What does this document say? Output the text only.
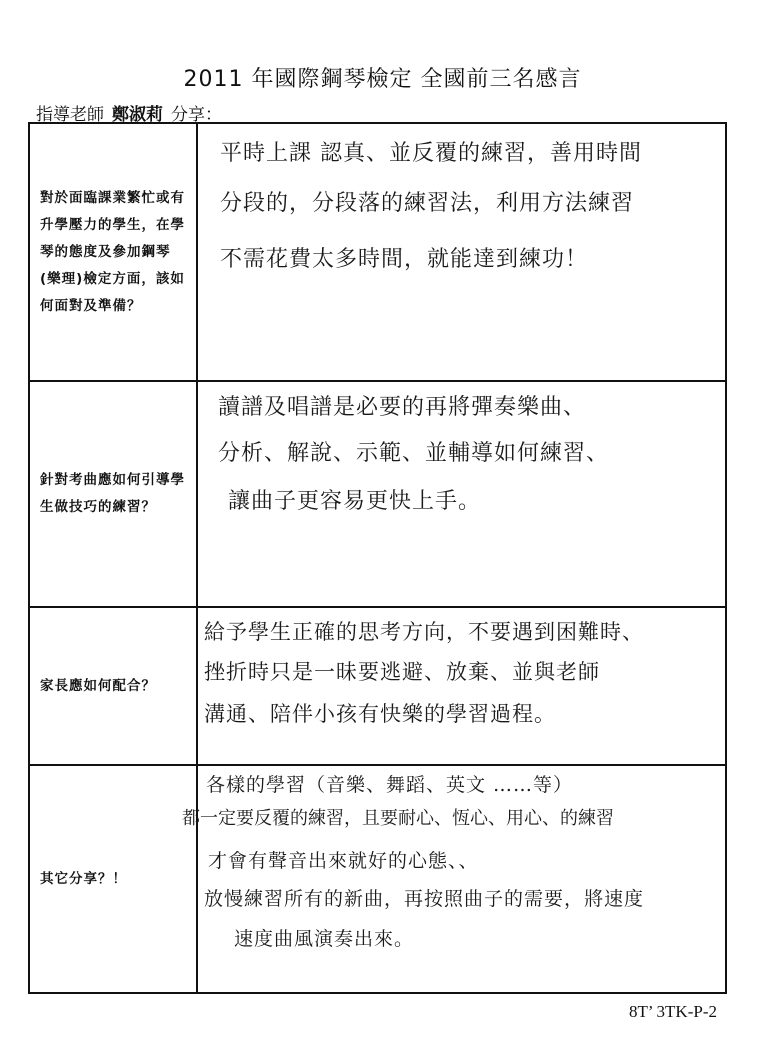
2011 年國際鋼琴檢定 全國前三名感言
指導老師 鄭淑莉 分享：
對於面臨課業繁忙或有升學壓力的學生，在學琴的態度及參加鋼琴(樂理)檢定方面，該如何面對及準備？
平時上課 認真、並反覆的練習，善用時間
分段的，分段落的練習法，利用方法練習
不需花費太多時間，就能達到練功！
針對考曲應如何引導學生做技巧的練習？
讀譜及唱譜是必要的再將彈奏樂曲、
分析、解說、示範、並輔導如何練習、
讓曲子更容易更快上手。
家長應如何配合？
給予學生正確的思考方向，不要遇到困難時、
挫折時只是一昧要逃避、放棄、並與老師
溝通、陪伴小孩有快樂的學習過程。
其它分享？！
各樣的學習（音樂、舞蹈、英文 ……等）
都一定要反覆的練習，且要耐心、恆心、用心、的練習
才會有聲音出來就好的心態、、
放慢練習所有的新曲，再按照曲子的需要，將速度
速度曲風演奏出來。
8T’ 3TK-P-2
